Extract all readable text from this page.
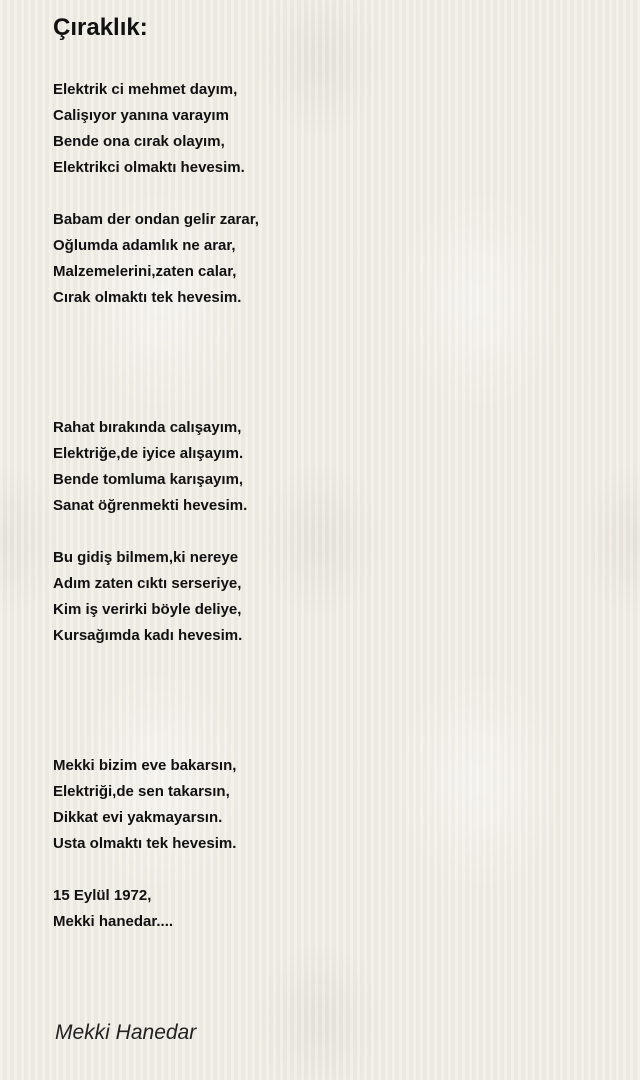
Çıraklık:
Elektrik ci mehmet dayım,
Calişıyor yanına varayım
Bende ona cırak olayım,
Elektrikci olmaktı hevesim.
Babam der ondan gelir zarar,
Oğlumda adamlık ne arar,
Malzemelerini,zaten calar,
Cırak olmaktı tek hevesim.
Rahat bırakında calışayım,
Elektriğe,de iyice alışayım.
Bende tomluma karışayım,
Sanat öğrenmekti hevesim.
Bu gidiş bilmem,ki nereye
Adım zaten cıktı serseriye,
Kim iş verirki böyle deliye,
Kursağımda kadı hevesim.
Mekki bizim eve bakarsın,
Elektriği,de sen takarsın,
Dikkat evi yakmayarsın.
Usta olmaktı tek hevesim.
15 Eylül 1972,
Mekki hanedar....
Mekki Hanedar
